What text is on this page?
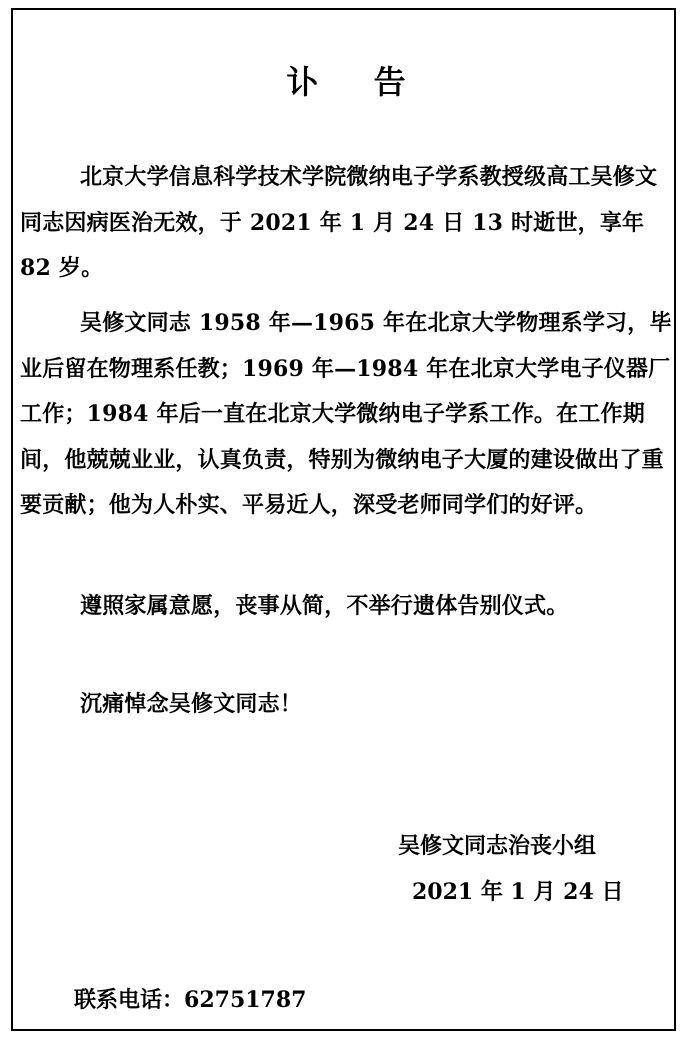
讣 告
北京大学信息科学技术学院微纳电子学系教授级高工吴修文同志因病医治无效，于 2021 年 1 月 24 日 13 时逝世，享年 82 岁。
吴修文同志 1958 年—1965 年在北京大学物理系学习，毕业后留在物理系任教；1969 年—1984 年在北京大学电子仪器厂工作；1984 年后一直在北京大学微纳电子学系工作。在工作期间，他兢兢业业，认真负责，特别为微纳电子大厦的建设做出了重要贡献；他为人朴实、平易近人，深受老师同学们的好评。
遵照家属意愿，丧事从简，不举行遗体告别仪式。
沉痛悼念吴修文同志！
吴修文同志治丧小组
2021 年 1 月 24 日
联系电话：62751787
